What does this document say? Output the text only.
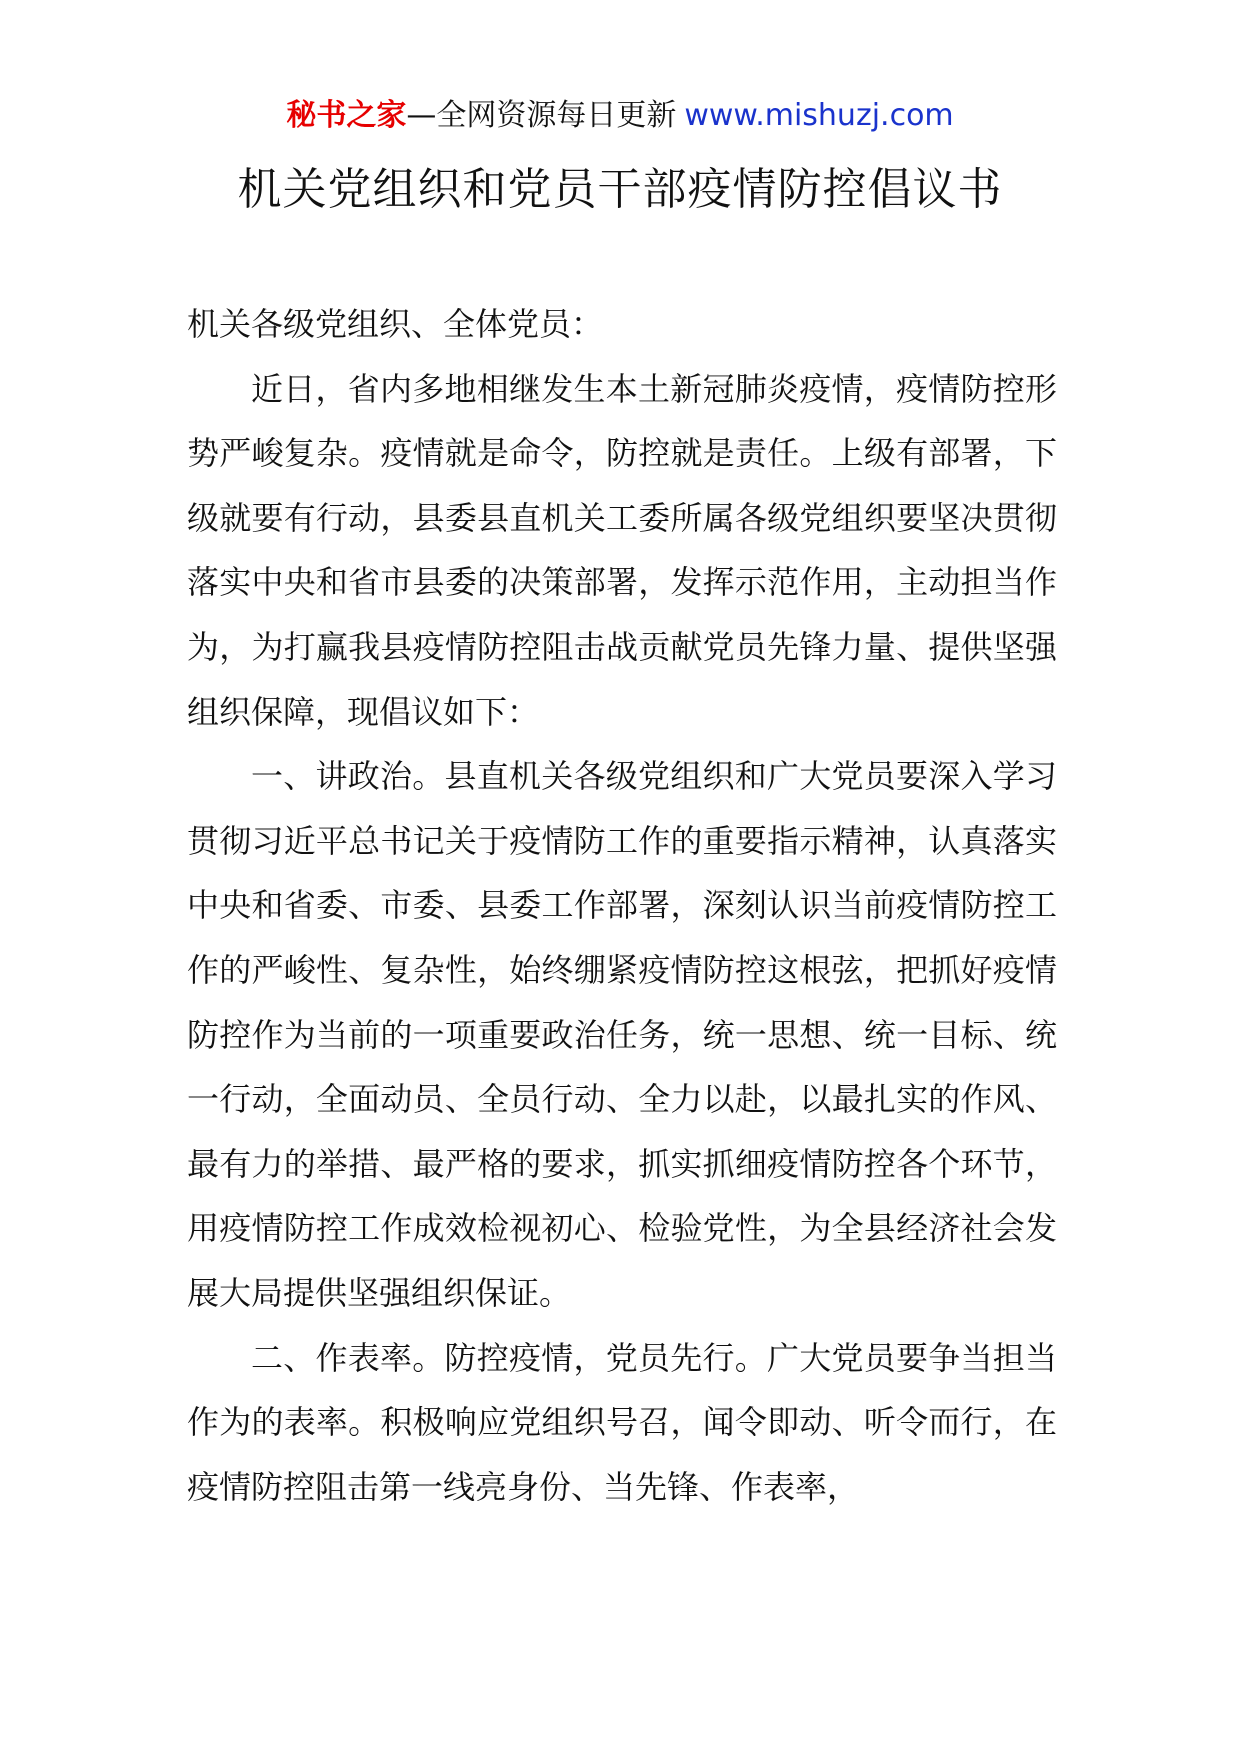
秘书之家—全网资源每日更新 www.mishuzj.com
机关党组织和党员干部疫情防控倡议书

机关各级党组织、全体党员：

近日，省内多地相继发生本土新冠肺炎疫情，疫情防控形势严峻复杂。疫情就是命令，防控就是责任。上级有部署，下级就要有行动，县委县直机关工委所属各级党组织要坚决贯彻落实中央和省市县委的决策部署，发挥示范作用，主动担当作为，为打赢我县疫情防控阻击战贡献党员先锋力量、提供坚强组织保障，现倡议如下：

一、讲政治。县直机关各级党组织和广大党员要深入学习贯彻习近平总书记关于疫情防工作的重要指示精神，认真落实中央和省委、市委、县委工作部署，深刻认识当前疫情防控工作的严峻性、复杂性，始终绷紧疫情防控这根弦，把抓好疫情防控作为当前的一项重要政治任务，统一思想、统一目标、统一行动，全面动员、全员行动、全力以赴，以最扎实的作风、最有力的举措、最严格的要求，抓实抓细疫情防控各个环节，用疫情防控工作成效检视初心、检验党性，为全县经济社会发展大局提供坚强组织保证。

二、作表率。防控疫情，党员先行。广大党员要争当担当作为的表率。积极响应党组织号召，闻令即动、听令而行，在疫情防控阻击第一线亮身份、当先锋、作表率，
